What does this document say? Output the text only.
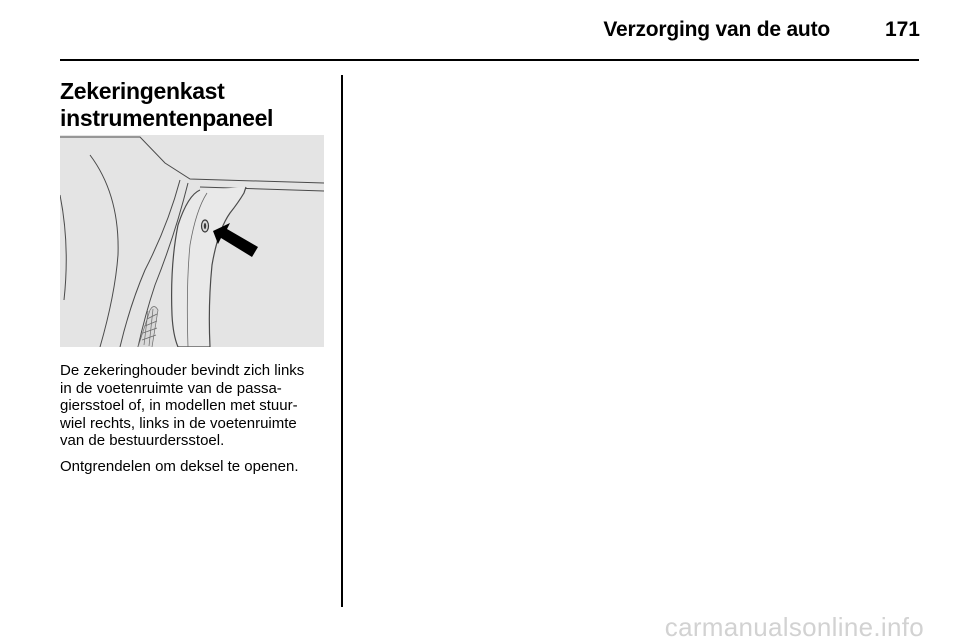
Verzorging van de auto	171
Zekeringenkast
instrumentenpaneel

De zekeringhouder bevindt zich links
in de voetenruimte van de passa-
giersstoel of, in modellen met stuur-
wiel rechts, links in de voetenruimte
van de bestuurdersstoel.

Ontgrendelen om deksel te openen.

carmanualsonline.info
